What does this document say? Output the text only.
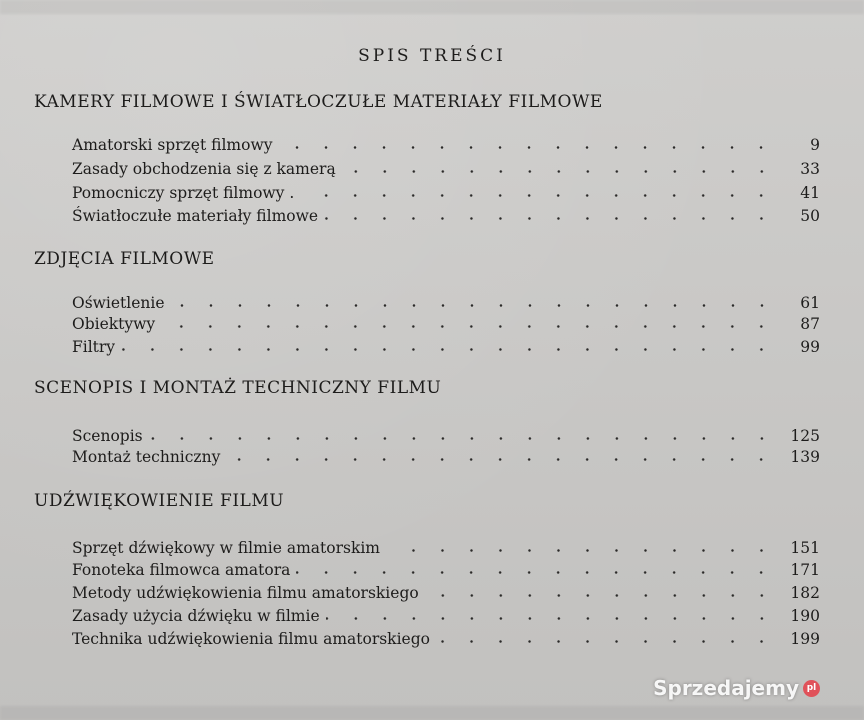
SPIS TREŚCI
KAMERY FILMOWE I ŚWIATŁOCZUŁE MATERIAŁY FILMOWE
Amatorski sprzęt filmowy	9
Zasady obchodzenia się z kamerą	33
Pomocniczy sprzęt filmowy .	41
Światłoczułe materiały filmowe	50
ZDJĘCIA FILMOWE
Oświetlenie	61
Obiektywy	87
Filtry	99
SCENOPIS I MONTAŻ TECHNICZNY FILMU
Scenopis	125
Montaż techniczny	139
UDŹWIĘKOWIENIE FILMU
Sprzęt dźwiękowy w filmie amatorskim	151
Fonoteka filmowca amatora	171
Metody udźwiękowienia filmu amatorskiego	182
Zasady użycia dźwięku w filmie	190
Technika udźwiękowienia filmu amatorskiego	199
Sprzedajemy pl
